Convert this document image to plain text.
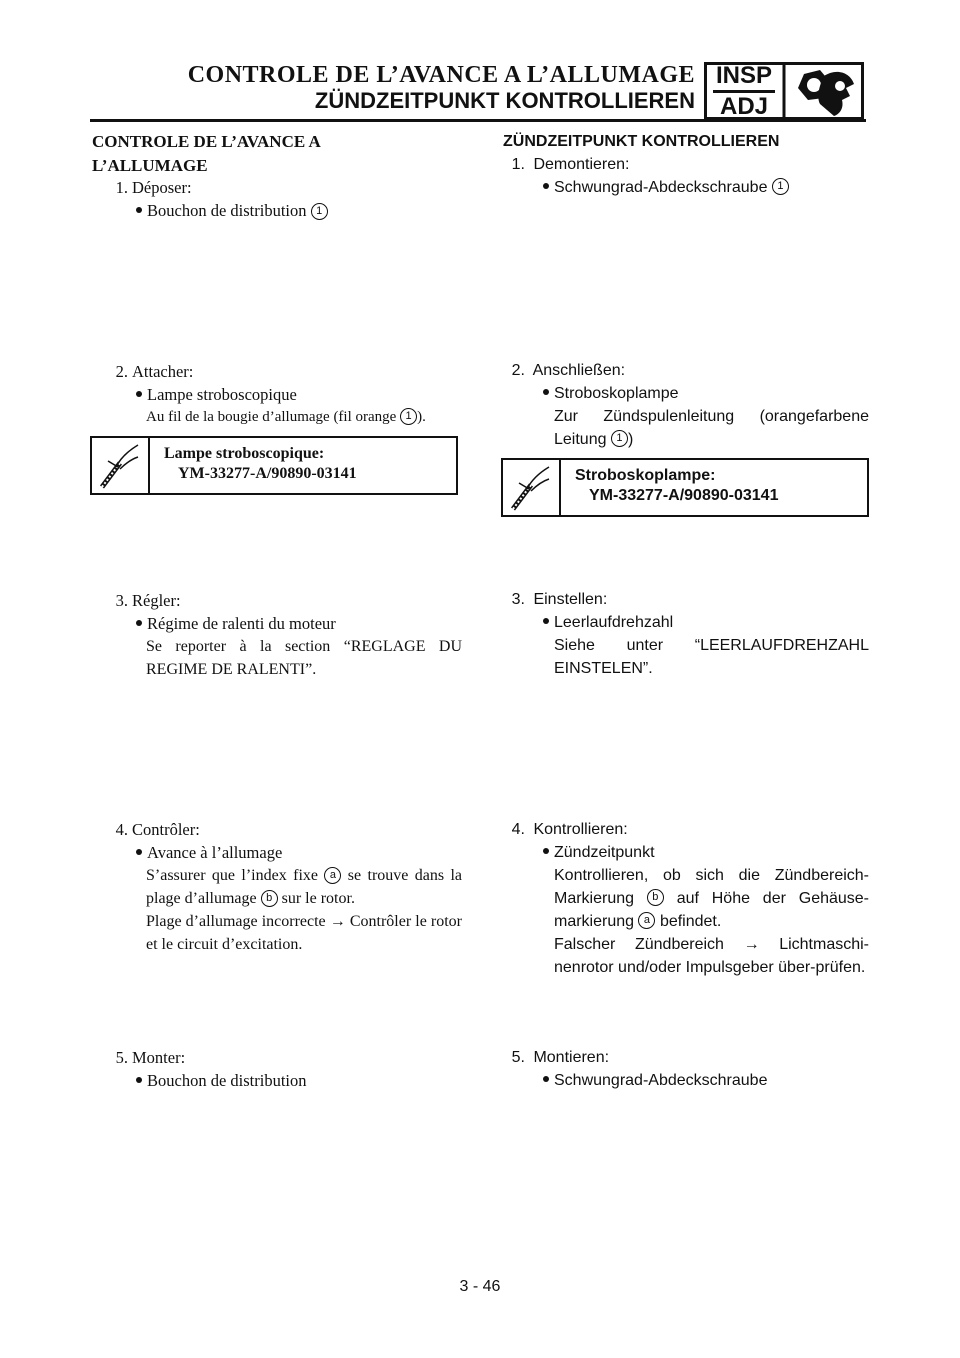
CONTROLE DE L’AVANCE A L’ALLUMAGE
ZÜNDZEITPUNKT KONTROLLIEREN
INSP
ADJ
CONTROLE DE L’AVANCE A
L’ALLUMAGE
1. Déposer:
Bouchon de distribution 1
2. Attacher:
Lampe stroboscopique
Au fil de la bougie d’allumage (fil orange 1 ).
Lampe stroboscopique:
YM-33277-A/90890-03141
3. Régler:
Régime de ralenti du moteur
Se reporter à la section “REGLAGE DU REGIME DE RALENTI”.
4. Contrôler:
Avance à l’allumage
S’assurer que l’index fixe a se trouve dans la plage d’allumage b sur le rotor.
Plage d’allumage incorrecte → Contrôler le rotor et le circuit d’excitation.
5. Monter:
Bouchon de distribution
ZÜNDZEITPUNKT KONTROLLIEREN
1. Demontieren:
Schwungrad-Abdeckschraube 1
2. Anschließen:
Stroboskoplampe
Zur Zündspulenleitung (orangefarbene Leitung 1 )
Stroboskoplampe:
YM-33277-A/90890-03141
3. Einstellen:
Leerlaufdrehzahl
Siehe unter “LEERLAUFDREHZAHL EINSTELEN”.
4. Kontrollieren:
Zündzeitpunkt
Kontrollieren, ob sich die Zündbereich-Markierung b auf Höhe der Gehäuse-markierung a befindet.
Falscher Zündbereich → Lichtmaschi-nenrotor und/oder Impulsgeber über-prüfen.
5. Montieren:
Schwungrad-Abdeckschraube
3 - 46
